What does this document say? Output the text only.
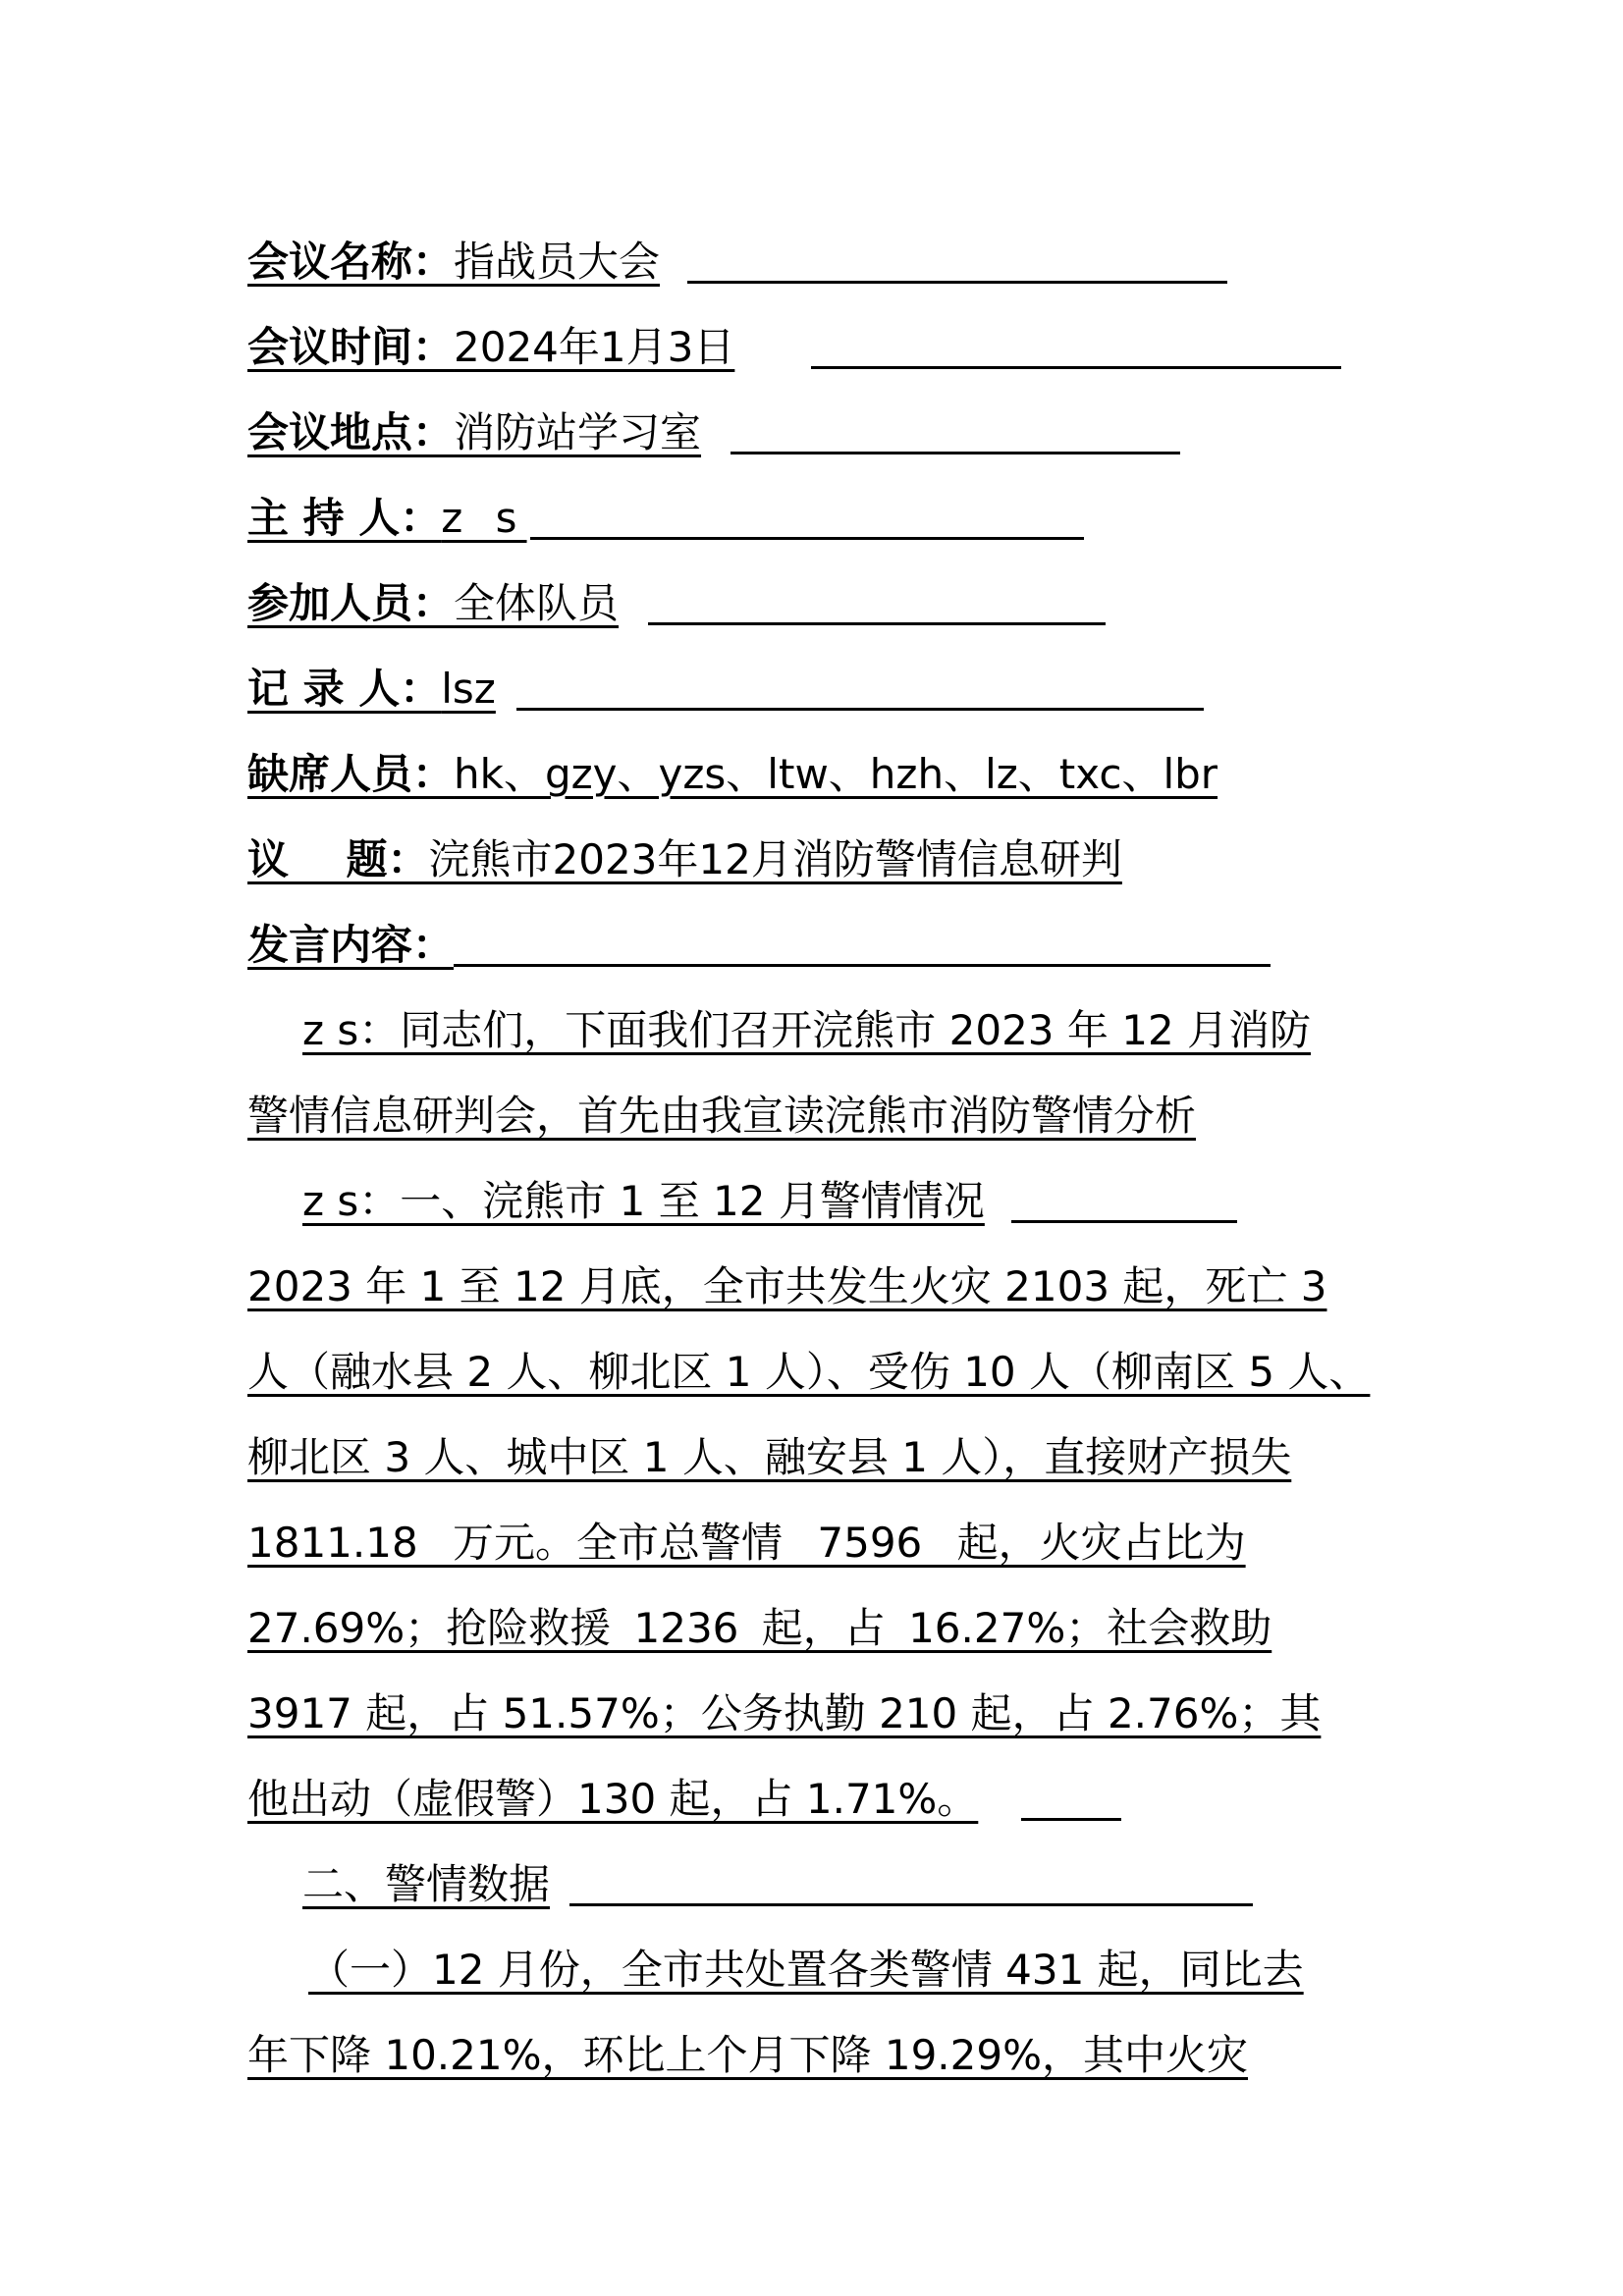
会议名称：指战员大会
会议时间：2024年1月3日
会议地点：消防站学习室
主 持 人：z s
参加人员：全体队员
记 录 人：lsz
缺席人员：hk、gzy、yzs、ltw、hzh、lz、txc、lbr
议    题：浣熊市2023年12月消防警情信息研判
发言内容：
z s：同志们，下面我们召开浣熊市 2023 年 12 月消防
警情信息研判会，首先由我宣读浣熊市消防警情分析
z s：一、浣熊市 1 至 12 月警情情况
2023 年 1 至 12 月底，全市共发生火灾 2103 起，死亡 3
人（融水县 2 人、柳北区 1 人）、受伤 10 人（柳南区 5 人、
柳北区 3 人、城中区 1 人、融安县 1 人），直接财产损失
1811.18 万元。全市总警情 7596 起，火灾占比为
27.69%；抢险救援 1236 起，占 16.27%；社会救助
3917 起，占 51.57%；公务执勤 210 起，占 2.76%；其
他出动（虚假警）130 起，占 1.71%。
二、警情数据
（一）12 月份，全市共处置各类警情 431 起，同比去
年下降 10.21%，环比上个月下降 19.29%，其中火灾
